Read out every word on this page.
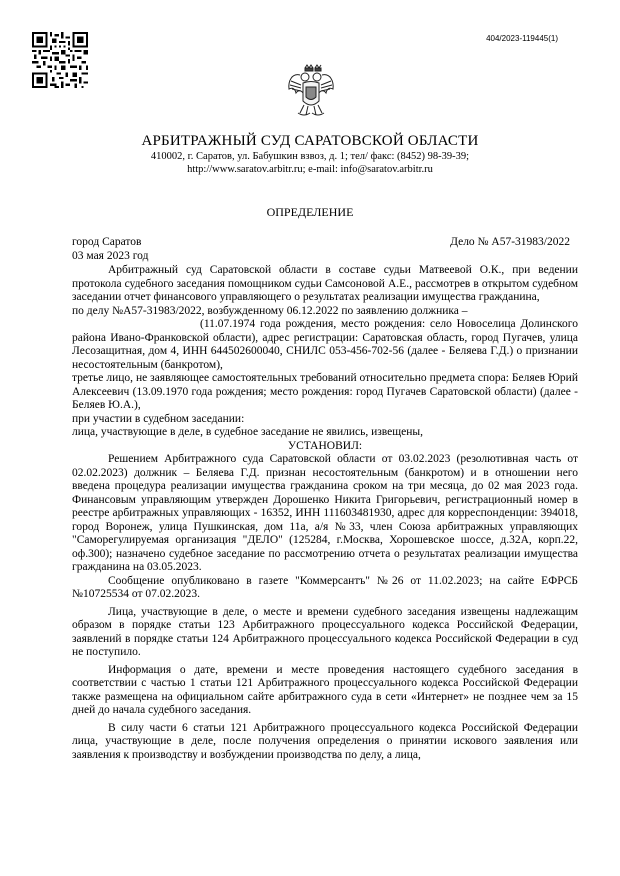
404/2023-119445(1)
АРБИТРАЖНЫЙ СУД САРАТОВСКОЙ ОБЛАСТИ
410002, г. Саратов, ул. Бабушкин взвоз, д. 1; тел/ факс: (8452) 98-39-39;
http://www.saratov.arbitr.ru; e-mail: info@saratov.arbitr.ru
ОПРЕДЕЛЕНИЕ
город Саратов	Дело № А57-31983/2022
03 мая 2023 год

Арбитражный суд Саратовской области в составе судьи Матвеевой О.К., при ведении протокола судебного заседания помощником судьи Самсоновой А.Е., рассмотрев в открытом судебном заседании отчет финансового управляющего о результатах реализации имущества гражданина,

по делу №А57-31983/2022, возбужденному 06.12.2022 по заявлению должника –

(11.07.1974 года рождения, место рождения: село Новоселица Долинского района Ивано-Франковской области), адрес регистрации: Саратовская область, город Пугачев, улица Лесозащитная, дом 4, ИНН 644502600040, СНИЛС 053-456-702-56 (далее - Беляева Г.Д.) о признании несостоятельным (банкротом),

третье лицо, не заявляющее самостоятельных требований относительно предмета спора: Беляев Юрий Алексеевич (13.09.1970 года рождения; место рождения: город Пугачев Саратовской области) (далее - Беляев Ю.А.),

при участии в судебном заседании:

лица, участвующие в деле, в судебное заседание не явились, извещены,

УСТАНОВИЛ:

Решением Арбитражного суда Саратовской области от 03.02.2023 (резолютивная часть от 02.02.2023) должник – Беляева Г.Д. признан несостоятельным (банкротом) и в отношении него введена процедура реализации имущества гражданина сроком на три месяца, до 02 мая 2023 года. Финансовым управляющим утвержден Дорошенко Никита Григорьевич, регистрационный номер в реестре арбитражных управляющих - 16352, ИНН 111603481930, адрес для корреспонденции: 394018, город Воронеж, улица Пушкинская, дом 11а, а/я №33, член Союза арбитражных управляющих "Саморегулируемая организация "ДЕЛО" (125284, г.Москва, Хорошевское шоссе, д.32А, корп.22, оф.300); назначено судебное заседание по рассмотрению отчета о результатах реализации имущества гражданина на 03.05.2023.

Сообщение опубликовано в газете "Коммерсантъ" №26 от 11.02.2023; на сайте ЕФРСБ №10725534 от 07.02.2023.

Лица, участвующие в деле, о месте и времени судебного заседания извещены надлежащим образом в порядке статьи 123 Арбитражного процессуального кодекса Российской Федерации, заявлений в порядке статьи 124 Арбитражного процессуального кодекса Российской Федерации в суд не поступило.

Информация о дате, времени и месте проведения настоящего судебного заседания в соответствии с частью 1 статьи 121 Арбитражного процессуального кодекса Российской Федерации также размещена на официальном сайте арбитражного суда в сети «Интернет» не позднее чем за 15 дней до начала судебного заседания.

В силу части 6 статьи 121 Арбитражного процессуального кодекса Российской Федерации лица, участвующие в деле, после получения определения о принятии искового заявления или заявления к производству и возбуждении производства по делу, а лица,
